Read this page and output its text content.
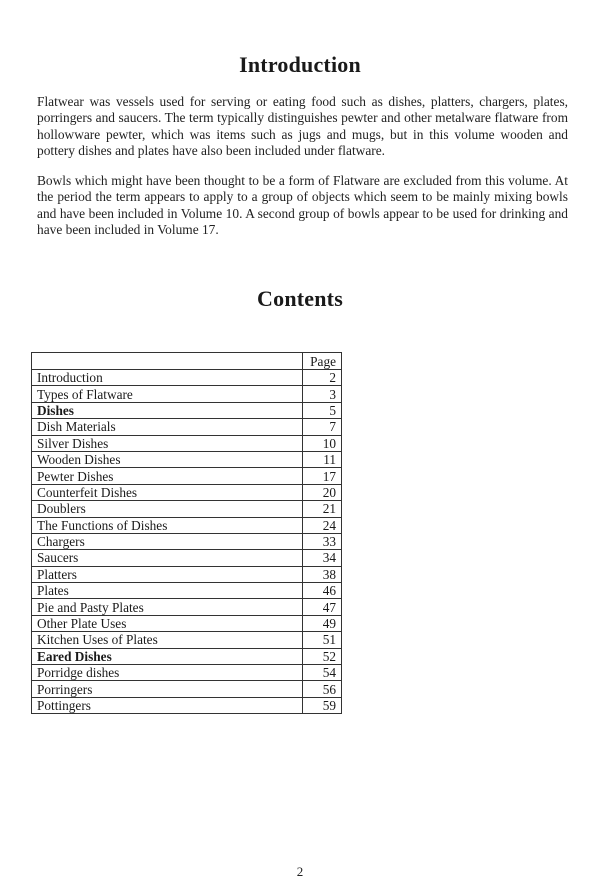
Introduction

Flatwear was vessels used for serving or eating food such as dishes, platters, chargers, plates, porringers and saucers. The term typically distinguishes pewter and other metalware flatware from hollowware pewter, which was items such as jugs and mugs, but in this volume wooden and pottery dishes and plates have also been included under flatware.

Bowls which might have been thought to be a form of Flatware are excluded from this volume. At the period the term appears to apply to a group of objects which seem to be mainly mixing bowls and have been included in Volume 10. A second group of bowls appear to be used for drinking and have been included in Volume 17.

Contents
	Page
Introduction	2
Types of Flatware	3
Dishes	5
Dish Materials	7
Silver Dishes	10
Wooden Dishes	11
Pewter Dishes	17
Counterfeit Dishes	20
Doublers	21
The Functions of Dishes	24
Chargers	33
Saucers	34
Platters	38
Plates	46
Pie and Pasty Plates	47
Other Plate Uses	49
Kitchen Uses of Plates	51
Eared Dishes	52
Porridge dishes	54
Porringers	56
Pottingers	59
2
